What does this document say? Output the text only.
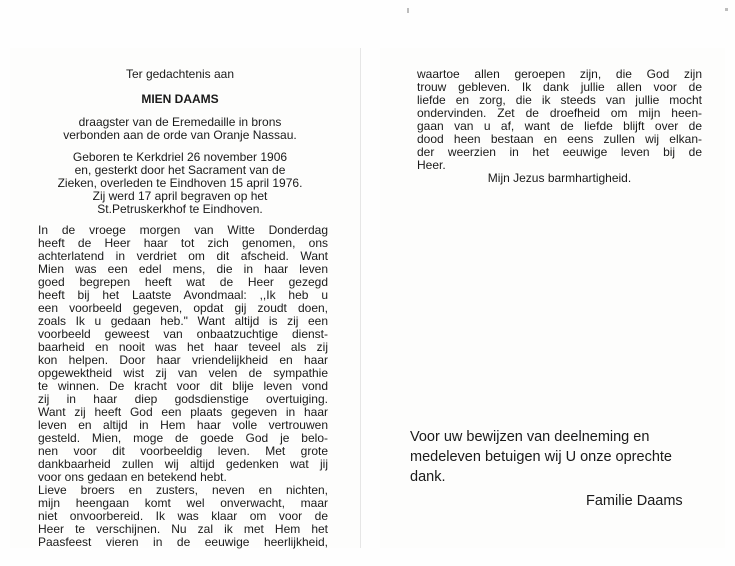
Ter gedachtenis aan

MIEN DAAMS

draagster van de Eremedaille in brons

verbonden aan de orde van Oranje Nassau.

Geboren te Kerkdriel 26 november 1906

en, gesterkt door het Sacrament van de

Zieken, overleden te Eindhoven 15 april 1976.

Zij werd 17 april begraven op het

St.Petruskerkhof te Eindhoven.

In de vroege morgen van Witte Donderdag

heeft de Heer haar tot zich genomen, ons

achterlatend in verdriet om dit afscheid. Want

Mien was een edel mens, die in haar leven

goed begrepen heeft wat de Heer gezegd

heeft bij het Laatste Avondmaal: ,,Ik heb u

een voorbeeld gegeven, opdat gij zoudt doen,

zoals Ik u gedaan heb." Want altijd is zij een

voorbeeld geweest van onbaatzuchtige dienst-

baarheid en nooit was het haar teveel als zij

kon helpen. Door haar vriendelijkheid en haar

opgewektheid wist zij van velen de sympathie

te winnen. De kracht voor dit blije leven vond

zij in haar diep godsdienstige overtuiging.

Want zij heeft God een plaats gegeven in haar

leven en altijd in Hem haar volle vertrouwen

gesteld. Mien, moge de goede God je belo-

nen voor dit voorbeeldig leven. Met grote

dankbaarheid zullen wij altijd gedenken wat jij

voor ons gedaan en betekend hebt.

Lieve broers en zusters, neven en nichten,

mijn heengaan komt wel onverwacht, maar

niet onvoorbereid. Ik was klaar om voor de

Heer te verschijnen. Nu zal ik met Hem het

Paasfeest vieren in de eeuwige heerlijkheid,

waartoe allen geroepen zijn, die God zijn

trouw gebleven. Ik dank jullie allen voor de

liefde en zorg, die ik steeds van jullie mocht

ondervinden. Zet de droefheid om mijn heen-

gaan van u af, want de liefde blijft over de

dood heen bestaan en eens zullen wij elkan-

der weerzien in het eeuwige leven bij de

Heer.

Mijn Jezus barmhartigheid.

Voor uw bewijzen van deelneming en

medeleven betuigen wij U onze oprechte

dank.

Familie Daams
